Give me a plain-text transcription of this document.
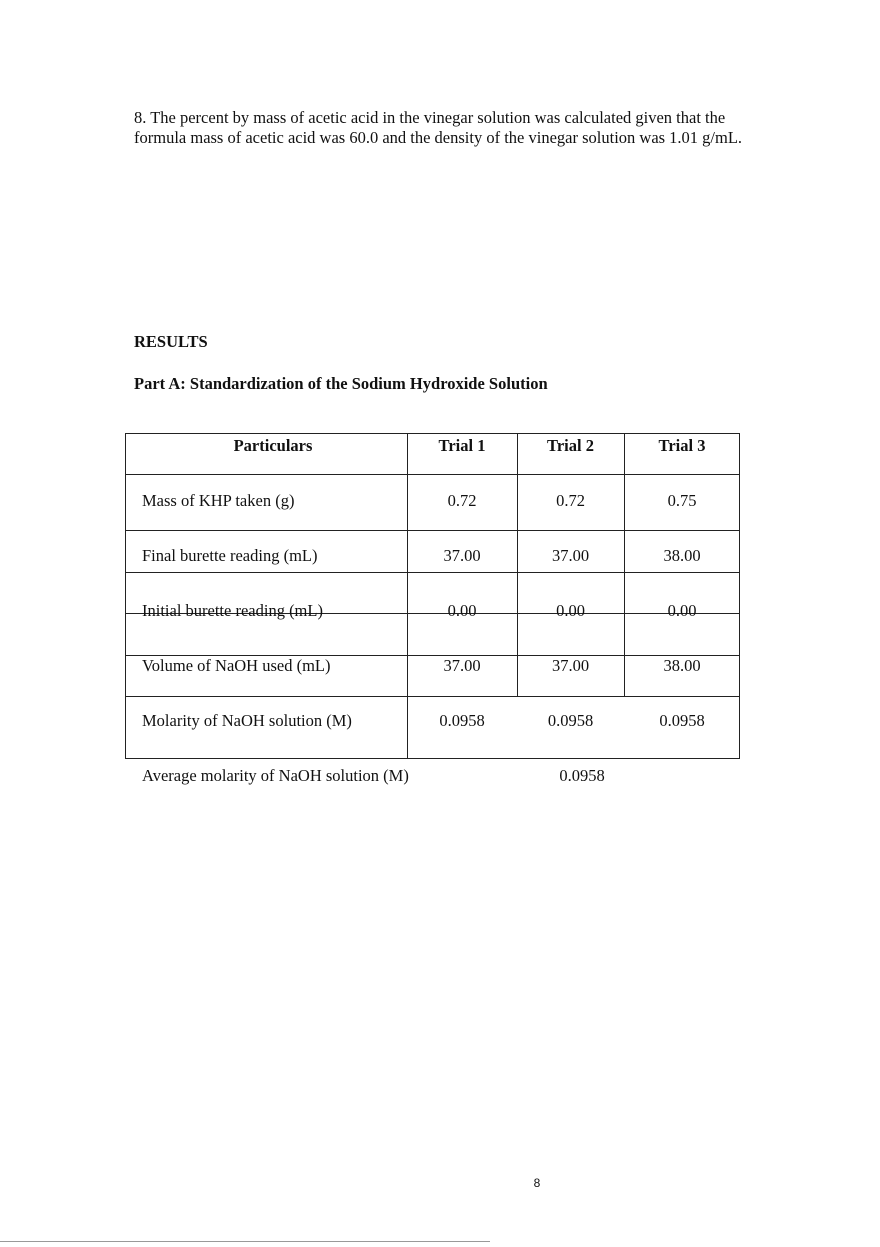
8. The percent by mass of acetic acid in the vinegar solution was calculated given that the formula mass of acetic acid was 60.0 and the density of the vinegar solution was 1.01 g/mL.

RESULTS

Part A: Standardization of the Sodium Hydroxide Solution

Particulars	Trial 1	Trial 2	Trial 3
Mass of KHP taken (g)	0.72	0.72	0.75
Final burette reading (mL)	37.00	37.00	38.00
Initial burette reading (mL)	0.00	0.00	0.00
Volume of NaOH used (mL)	37.00	37.00	38.00
Molarity of NaOH solution (M)	0.0958	0.0958	0.0958

Average molarity of NaOH solution (M)	0.0958
8
